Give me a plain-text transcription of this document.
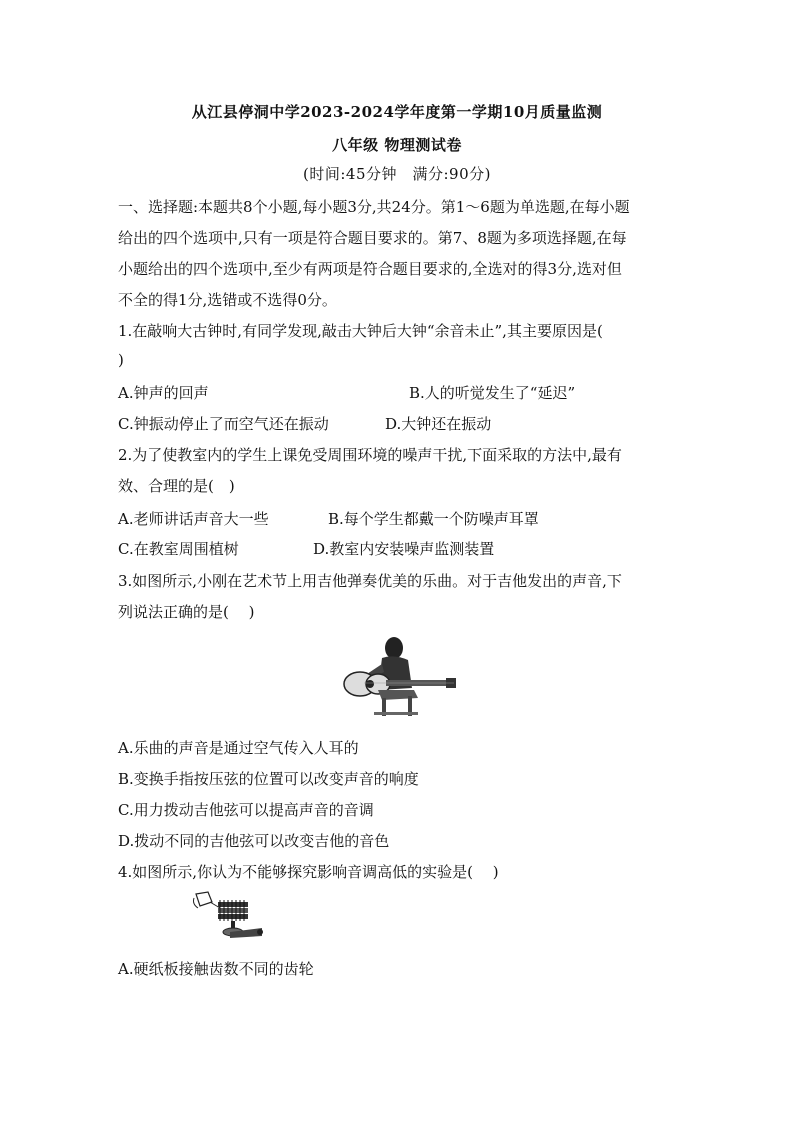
从江县停洞中学2023-2024学年度第一学期10月质量监测
八年级 物理测试卷
(时间:45分钟　满分:90分)
一、选择题:本题共8个小题,每小题3分,共24分。第1～6题为单选题,在每小题
给出的四个选项中,只有一项是符合题目要求的。第7、8题为多项选择题,在每
小题给出的四个选项中,至少有两项是符合题目要求的,全选对的得3分,选对但
不全的得1分,选错或不选得0分。
1.在敲响大古钟时,有同学发现,敲击大钟后大钟“余音未止”,其主要原因是(
)
A.钟声的回声	B.人的听觉发生了“延迟”
C.钟振动停止了而空气还在振动	D.大钟还在振动
2.为了使教室内的学生上课免受周围环境的噪声干扰,下面采取的方法中,最有
效、合理的是(　)
A.老师讲话声音大一些	B.每个学生都戴一个防噪声耳罩
C.在教室周围植树	D.教室内安装噪声监测装置
3.如图所示,小刚在艺术节上用吉他弹奏优美的乐曲。对于吉他发出的声音,下
列说法正确的是(　 )
A.乐曲的声音是通过空气传入人耳的
B.变换手指按压弦的位置可以改变声音的响度
C.用力拨动吉他弦可以提高声音的音调
D.拨动不同的吉他弦可以改变吉他的音色
4.如图所示,你认为不能够探究影响音调高低的实验是(　 )
A.硬纸板接触齿数不同的齿轮
